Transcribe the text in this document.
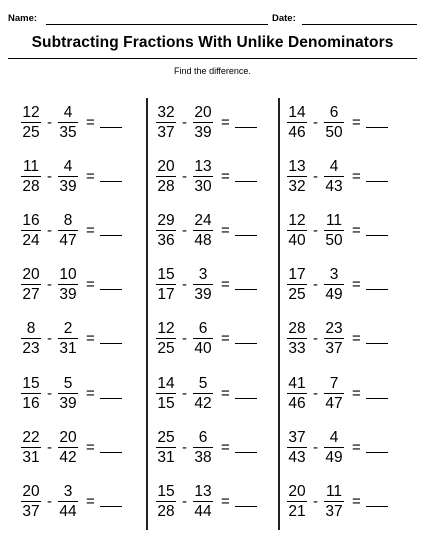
Name:	Date:
Subtracting Fractions With Unlike Denominators
Find the difference.
$\frac{12}{25} - \frac{4}{35}$ =
$\frac{11}{28} - \frac{4}{39}$ =
$\frac{16}{24} - \frac{8}{47}$ =
$\frac{20}{27} - \frac{10}{39}$ =
$\frac{8}{23} - \frac{2}{31}$ =
$\frac{15}{16} - \frac{5}{39}$ =
$\frac{22}{31} - \frac{20}{42}$ =
$\frac{20}{37} - \frac{3}{44}$ =
$\frac{32}{37} - \frac{20}{39}$ =
$\frac{20}{28} - \frac{13}{30}$ =
$\frac{29}{36} - \frac{24}{48}$ =
$\frac{15}{17} - \frac{3}{39}$ =
$\frac{12}{25} - \frac{6}{40}$ =
$\frac{14}{15} - \frac{5}{42}$ =
$\frac{25}{31} - \frac{6}{38}$ =
$\frac{15}{28} - \frac{13}{44}$ =
$\frac{14}{46} - \frac{6}{50}$ =
$\frac{13}{32} - \frac{4}{43}$ =
$\frac{12}{40} - \frac{11}{50}$ =
$\frac{17}{25} - \frac{3}{49}$ =
$\frac{28}{33} - \frac{23}{37}$ =
$\frac{41}{46} - \frac{7}{47}$ =
$\frac{37}{43} - \frac{4}{49}$ =
$\frac{20}{21} - \frac{11}{37}$ =
